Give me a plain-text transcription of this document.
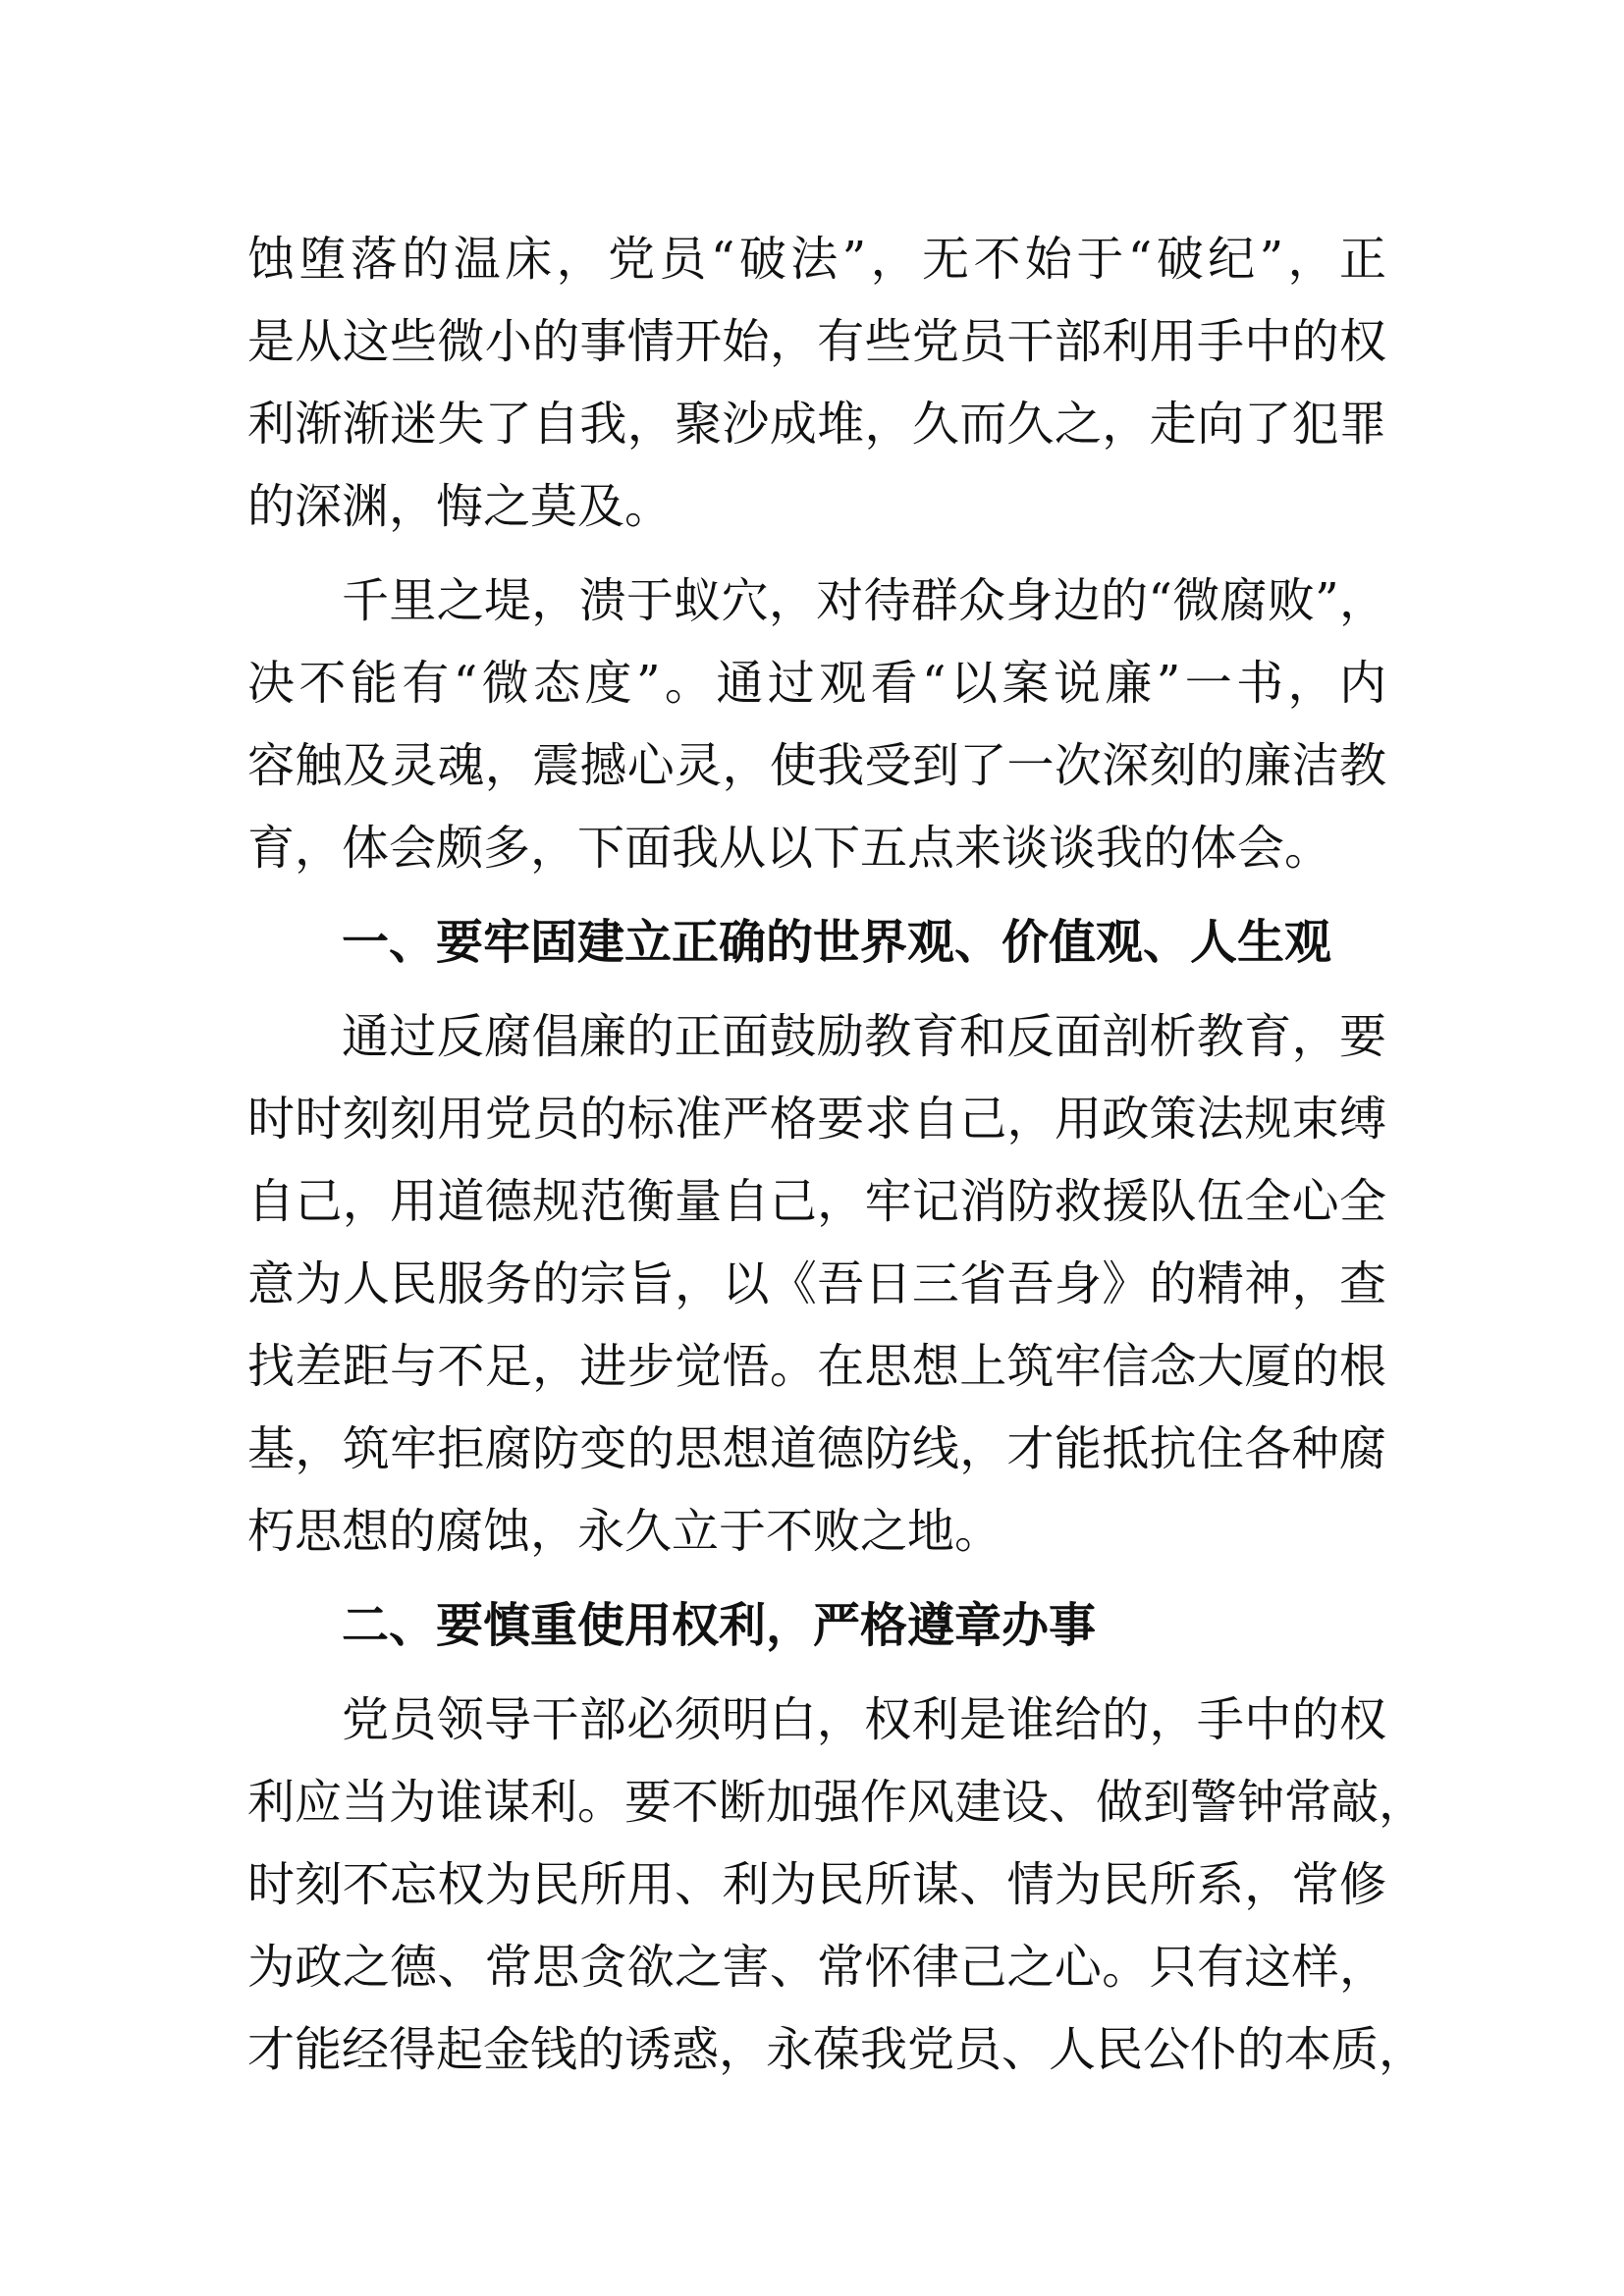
蚀堕落的温床，党员“破法”，无不始于“破纪”，正
是从这些微小的事情开始，有些党员干部利用手中的权
利渐渐迷失了自我，聚沙成堆，久而久之，走向了犯罪
的深渊，悔之莫及。
千里之堤，溃于蚁穴，对待群众身边的“微腐败”，
决不能有“微态度”。通过观看“以案说廉”一书，内
容触及灵魂，震撼心灵，使我受到了一次深刻的廉洁教
育，体会颇多，下面我从以下五点来谈谈我的体会。
一、要牢固建立正确的世界观、价值观、人生观
通过反腐倡廉的正面鼓励教育和反面剖析教育，要
时时刻刻用党员的标准严格要求自己，用政策法规束缚
自己，用道德规范衡量自己，牢记消防救援队伍全心全
意为人民服务的宗旨，以《吾日三省吾身》的精神，查
找差距与不足，进步觉悟。在思想上筑牢信念大厦的根
基，筑牢拒腐防变的思想道德防线，才能抵抗住各种腐
朽思想的腐蚀，永久立于不败之地。
二、要慎重使用权利，严格遵章办事
党员领导干部必须明白，权利是谁给的，手中的权
利应当为谁谋利。要不断加强作风建设、做到警钟常敲，
时刻不忘权为民所用、利为民所谋、情为民所系，常修
为政之德、常思贪欲之害、常怀律己之心。只有这样，
才能经得起金钱的诱惑，永葆我党员、人民公仆的本质，
